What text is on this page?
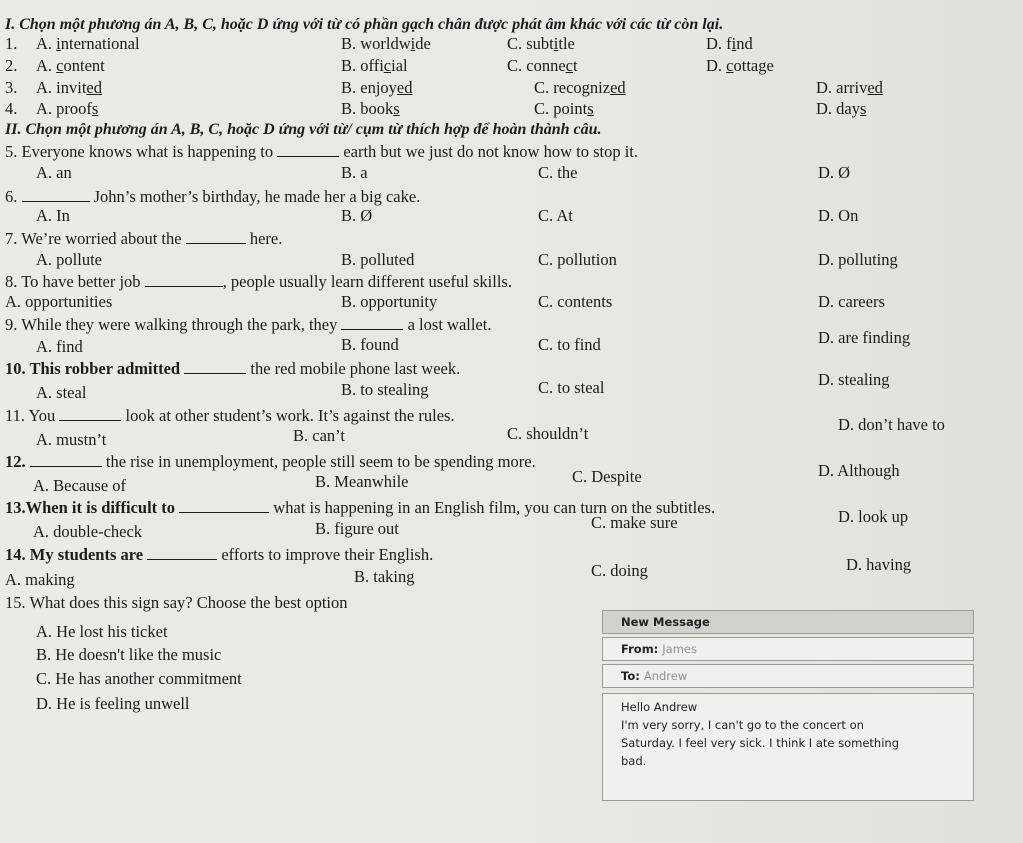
I. Chọn một phương án A, B, C, hoặc D ứng với từ có phần gạch chân được phát âm khác với các từ còn lại.
1. A. international	B. worldwide	C. subtitle	D. find
2. A. content	B. official	C. connect	D. cottage
3. A. invited	B. enjoyed	C. recognized	D. arrived
4. A. proofs	B. books	C. points	D. days
II. Chọn một phương án A, B, C, hoặc D ứng với từ/ cụm từ thích hợp để hoàn thành câu.
5. Everyone knows what is happening to	earth but we just do not know how to stop it.
A. an	B. a	C. the	D. Ø
6.	John’s mother’s birthday, he made her a big cake.
A. In	B. Ø	C. At	D. On
7. We’re worried about the	here.
A. pollute	B. polluted	C. pollution	D. polluting
8. To have better job	, people usually learn different useful skills.
A. opportunities	B. opportunity	C. contents	D. careers
9. While they were walking through the park, they	a lost wallet.
A. find	B. found	C. to find	D. are finding
10. This robber admitted	the red mobile phone last week.
A. steal	B. to stealing	C. to steal	D. stealing
11. You	look at other student’s work. It’s against the rules.
A. mustn’t	B. can’t	C. shouldn’t	D. don’t have to
12.	the rise in unemployment, people still seem to be spending more.
A. Because of	B. Meanwhile	C. Despite	D. Although
13.When it is difficult to	what is happening in an English film, you can turn on the subtitles.
A. double-check	B. figure out	C. make sure	D. look up
14. My students are	efforts to improve their English.
A. making	B. taking	C. doing	D. having
15. What does this sign say? Choose the best option
A. He lost his ticket
B. He doesn't like the music
C. He has another commitment
D. He is feeling unwell
New Message
From: James
To: Andrew
Hello Andrew
I'm very sorry, I can't go to the concert on
Saturday. I feel very sick. I think I ate something
bad.
